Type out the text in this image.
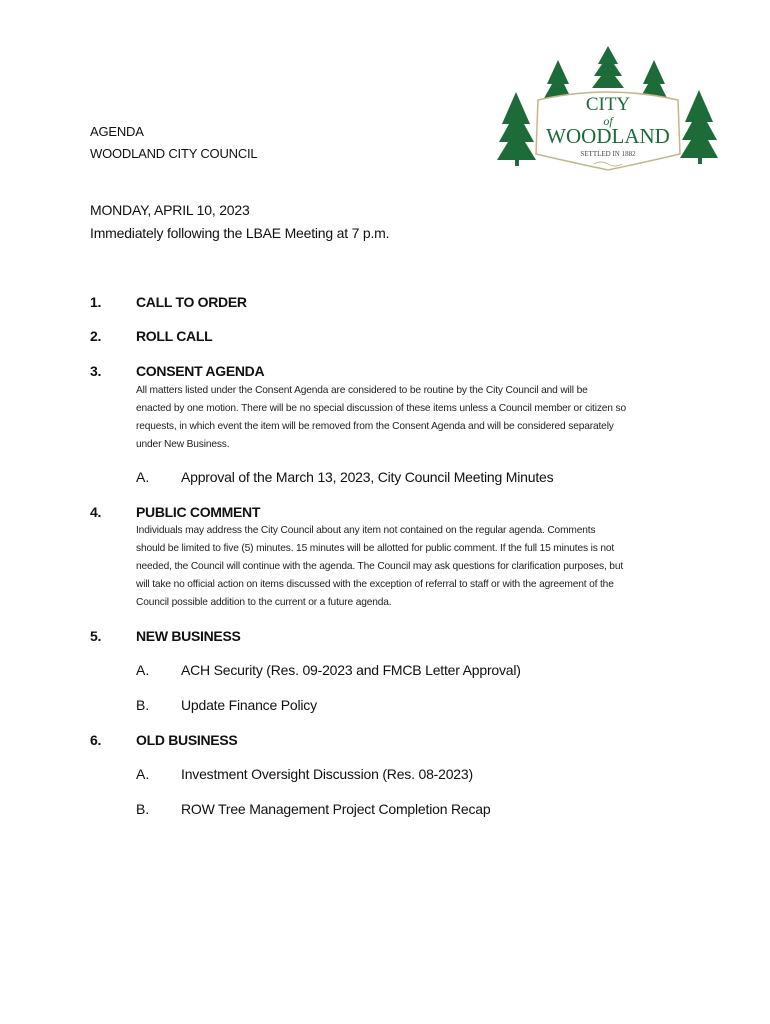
AGENDA
WOODLAND CITY COUNCIL
MONDAY, APRIL 10, 2023
Immediately following the LBAE Meeting at 7 p.m.
CITY
of
WOODLAND
SETTLED IN 1882
1. CALL TO ORDER
2. ROLL CALL
3. CONSENT AGENDA
All matters listed under the Consent Agenda are considered to be routine by the City Council and will be
enacted by one motion. There will be no special discussion of these items unless a Council member or citizen so
requests, in which event the item will be removed from the Consent Agenda and will be considered separately
under New Business.
A. Approval of the March 13, 2023, City Council Meeting Minutes
4. PUBLIC COMMENT
Individuals may address the City Council about any item not contained on the regular agenda. Comments
should be limited to five (5) minutes. 15 minutes will be allotted for public comment. If the full 15 minutes is not
needed, the Council will continue with the agenda. The Council may ask questions for clarification purposes, but
will take no official action on items discussed with the exception of referral to staff or with the agreement of the
Council possible addition to the current or a future agenda.
5. NEW BUSINESS
A. ACH Security (Res. 09-2023 and FMCB Letter Approval)
B. Update Finance Policy
6. OLD BUSINESS
A. Investment Oversight Discussion (Res. 08-2023)
B. ROW Tree Management Project Completion Recap
